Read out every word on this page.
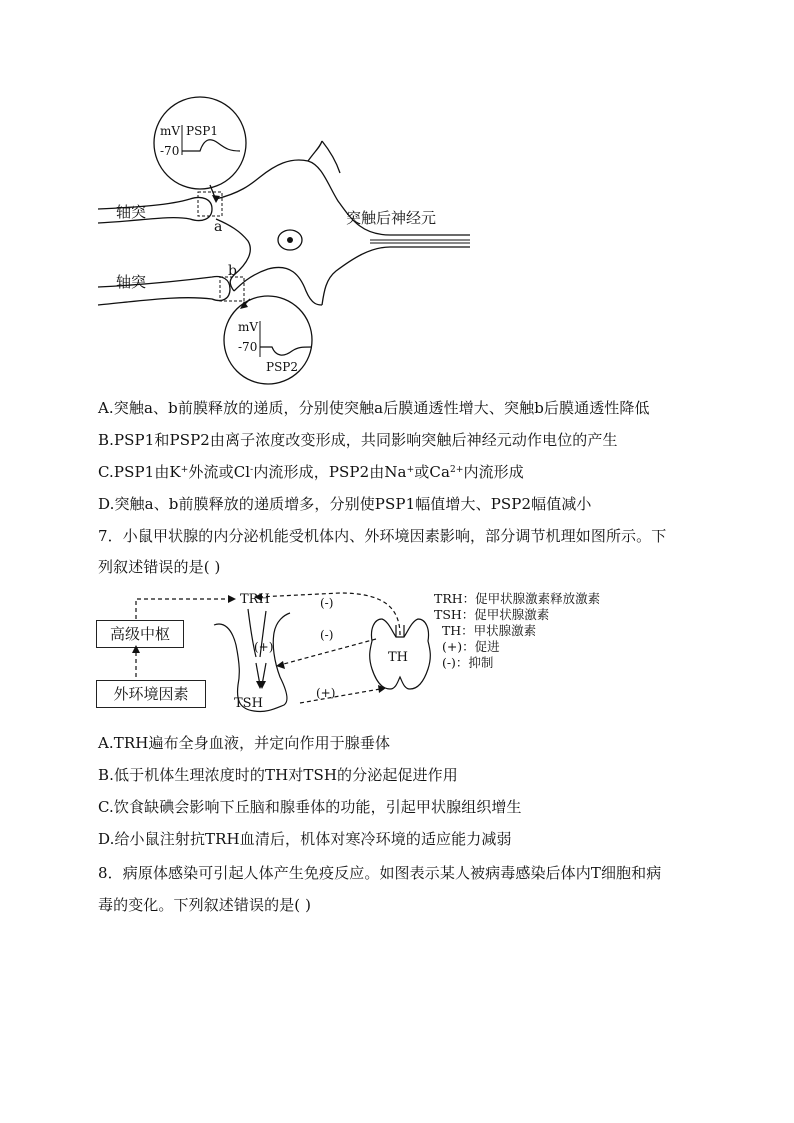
mV PSP1
-70
mV
-70
PSP2
轴突
轴突
a
b
突触后神经元
A.突触a、b前膜释放的递质，分别使突触a后膜通透性增大、突触b后膜通透性降低
B.PSP1和PSP2由离子浓度改变形成，共同影响突触后神经元动作电位的产生
C.PSP1由K+外流或Cl-内流形成，PSP2由Na+或$Ca^{2+}$内流形成
D.突触a、b前膜释放的递质增多，分别使PSP1幅值增大、PSP2幅值减小
7．小鼠甲状腺的内分泌机能受机体内、外环境因素影响，部分调节机理如图所示。下
列叙述错误的是( )
高级中枢
外环境因素
TRH
TSH
TH
(+)
(+)
(-)
(-)
TRH：促甲状腺激素释放激素
TSH：促甲状腺激素
TH：甲状腺激素
(+)：促进
(-)：抑制
A.TRH遍布全身血液，并定向作用于腺垂体
B.低于机体生理浓度时的TH对TSH的分泌起促进作用
C.饮食缺碘会影响下丘脑和腺垂体的功能，引起甲状腺组织增生
D.给小鼠注射抗TRH血清后，机体对寒冷环境的适应能力减弱
8．病原体感染可引起人体产生免疫反应。如图表示某人被病毒感染后体内T细胞和病
毒的变化。下列叙述错误的是( )
